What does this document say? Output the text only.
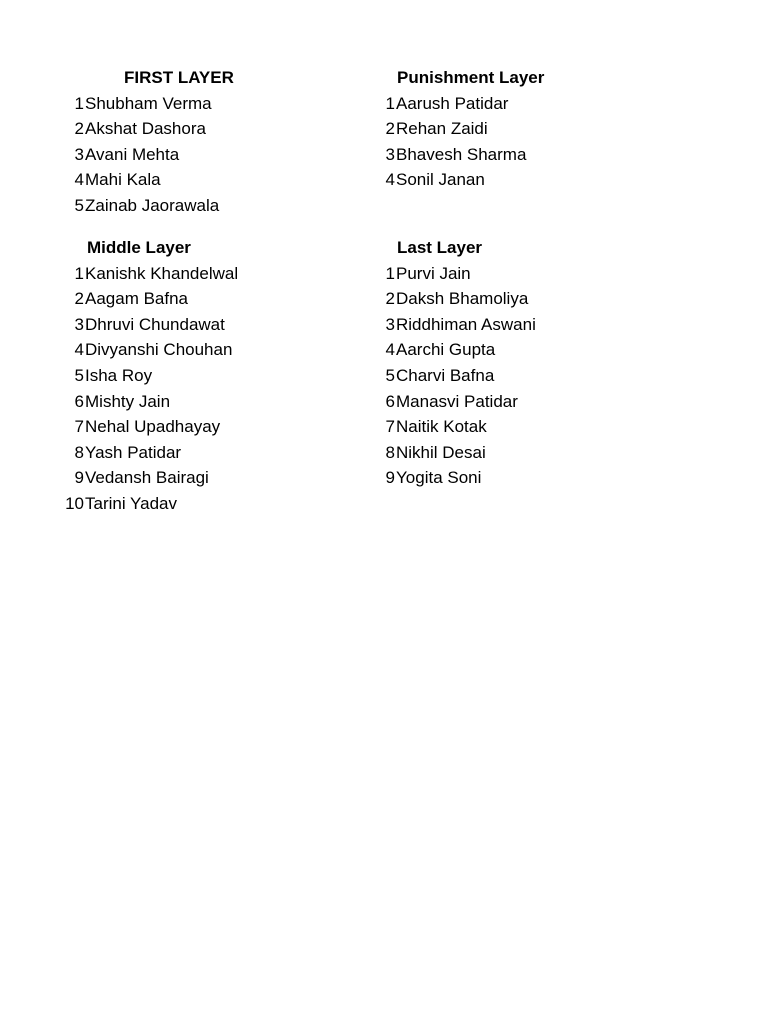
FIRST LAYER
1 Shubham Verma
2 Akshat Dashora
3 Avani Mehta
4 Mahi Kala
5 Zainab Jaorawala
Punishment Layer
1 Aarush Patidar
2 Rehan Zaidi
3 Bhavesh Sharma
4 Sonil Janan
Middle Layer
1 Kanishk Khandelwal
2 Aagam Bafna
3 Dhruvi Chundawat
4 Divyanshi Chouhan
5 Isha Roy
6 Mishty Jain
7 Nehal Upadhayay
8 Yash Patidar
9 Vedansh Bairagi
10 Tarini Yadav
Last Layer
1 Purvi Jain
2 Daksh Bhamoliya
3 Riddhiman Aswani
4 Aarchi Gupta
5 Charvi Bafna
6 Manasvi Patidar
7 Naitik Kotak
8 Nikhil Desai
9 Yogita Soni
